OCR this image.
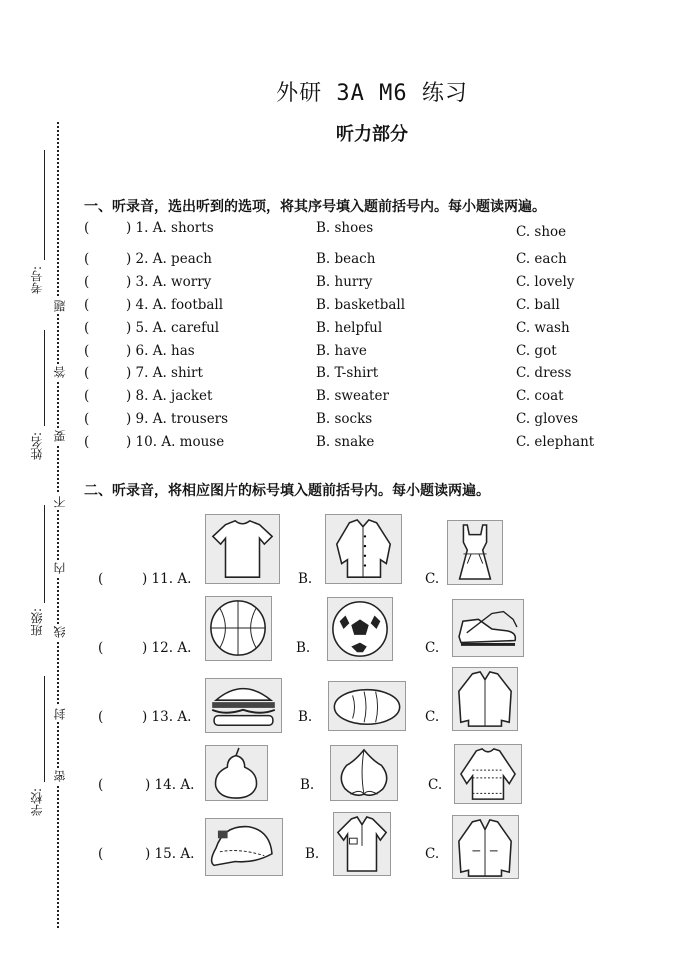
考号:
姓名:
班级:
学校:
密
封
线
内
不
要
答
题
外研 3A M6 练习
听力部分
一、听录音，选出听到的选项，将其序号填入题前括号内。每小题读两遍。
(	) 1. A. shorts	B. shoes	C. shoe
(	) 2. A. peach	B. beach	C. each
(	) 3. A. worry	B. hurry	C. lovely
(	) 4. A. football	B. basketball	C. ball
(	) 5. A. careful	B. helpful	C. wash
(	) 6. A. has	B. have	C. got
(	) 7. A. shirt	B. T-shirt	C. dress
(	) 8. A. jacket	B. sweater	C. coat
(	) 9. A. trousers	B. socks	C. gloves
(	) 10. A. mouse	B. snake	C. elephant
二、听录音，将相应图片的标号填入题前括号内。每小题读两遍。
(	) 11. A.	B.	C.
(	) 12. A.	B.	C.
(	) 13. A.	B.	C.
(	) 14. A.	B.	C.
(	) 15. A.	B.	C.
